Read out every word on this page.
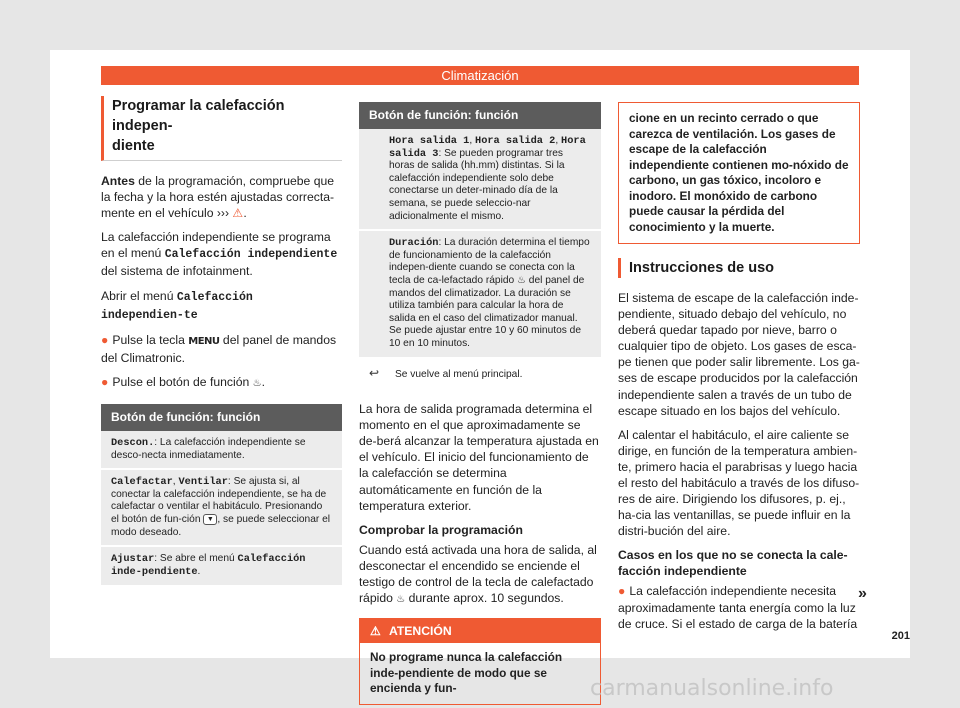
Climatización
Programar la calefacción indepen-
diente

Antes de la programación, compruebe que la fecha y la hora estén ajustadas correcta-mente en el vehículo ››› ⚠.

La calefacción independiente se programa en el menú Calefacción independiente del sistema de infotainment.

Abrir el menú Calefacción independien-te

● Pulse la tecla MENU del panel de mandos del Climatronic.

● Pulse el botón de función ♨.

Botón de función: función
Descon.: La calefacción independiente se desco-necta inmediatamente.
Calefactar, Ventilar: Se ajusta si, al conectar la calefacción independiente, se ha de calefactar o ventilar el habitáculo. Presionando el botón de fun-ción ▼ , se puede seleccionar el modo deseado.
Ajustar: Se abre el menú Calefacción inde-pendiente.
Botón de función: función
Hora salida 1, Hora salida 2, Hora salida 3: Se pueden programar tres horas de salida (hh.mm) distintas. Si la calefacción independiente solo debe conectarse un deter-minado día de la semana, se puede seleccio-nar adicionalmente el mismo.
Duración: La duración determina el tiempo de funcionamiento de la calefacción indepen-diente cuando se conecta con la tecla de ca-lefactado rápido ♨ del panel de mandos del climatizador. La duración se utiliza también para calcular la hora de salida en el caso del climatizador manual. Se puede ajustar entre 10 y 60 minutos de 10 en 10 minutos.
↩ Se vuelve al menú principal.

La hora de salida programada determina el momento en el que aproximadamente se de-berá alcanzar la temperatura ajustada en el vehículo. El inicio del funcionamiento de la calefacción se determina automáticamente en función de la temperatura exterior.

Comprobar la programación

Cuando está activada una hora de salida, al desconectar el encendido se enciende el testigo de control de la tecla de calefactado rápido ♨ durante aprox. 10 segundos.

⚠ ATENCIÓN
No programe nunca la calefacción inde-pendiente de modo que se encienda y fun-
cione en un recinto cerrado o que carezca de ventilación. Los gases de escape de la calefacción independiente contienen mo-nóxido de carbono, un gas tóxico, incoloro e inodoro. El monóxido de carbono puede causar la pérdida del conocimiento y la muerte.
Instrucciones de uso

El sistema de escape de la calefacción inde-pendiente, situado debajo del vehículo, no deberá quedar tapado por nieve, barro o cualquier tipo de objeto. Los gases de esca-pe tienen que poder salir libremente. Los ga-ses de escape producidos por la calefacción independiente salen a través de un tubo de escape situado en los bajos del vehículo.

Al calentar el habitáculo, el aire caliente se dirige, en función de la temperatura ambien-te, primero hacia el parabrisas y luego hacia el resto del habitáculo a través de los difuso-res de aire. Dirigiendo los difusores, p. ej., ha-cia las ventanillas, se puede influir en la distri-bución del aire.

Casos en los que no se conecta la cale-facción independiente

● La calefacción independiente necesita aproximadamente tanta energía como la luz de cruce. Si el estado de carga de la batería

»
201
carmanualsonline.info
